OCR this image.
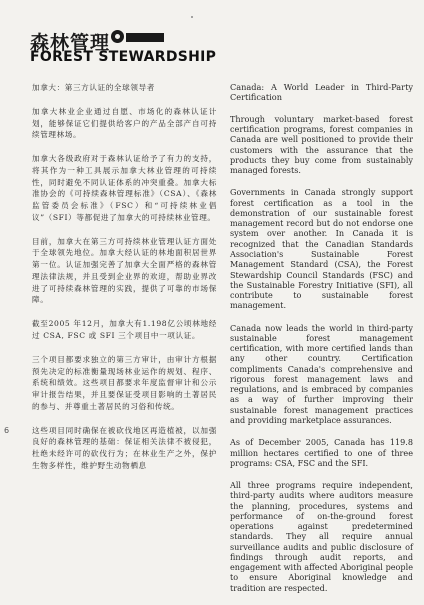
森林管理
FOREST STEWARDSHIP

加拿大：第三方认证的全球领导者

加拿大林业企业通过自愿、市场化的森林认证计划，能够保证它们提供给客户的产品全部产自可持续管理林场。

加拿大各级政府对于森林认证给予了有力的支持，将其作为一种工具展示加拿大林业管理的可持续性，同时避免不同认证体系的冲突重叠。加拿大标准协会的《可持续森林管理标准》（CSA）、《森林监管委员会标准》（FSC）和“可持续林业倡议”（SFI）等都促进了加拿大的可持续林业管理。

目前，加拿大在第三方可持续林业管理认证方面处于全球领先地位。加拿大经认证的林地面积居世界第一位。认证加强完善了加拿大全面严格的森林管理法律法规，并且受到企业界的欢迎，帮助业界改进了可持续森林管理的实践，提供了可靠的市场保障。

截至2005 年12月，加拿大有1.198亿公顷林地经过 CSA, FSC 或 SFI 三个项目中一项认证。

三个项目都要求独立的第三方审计，由审计方根据预先决定的标准衡量现场林业运作的规划、程序、系统和绩效。这些项目都要求年度监督审计和公示审计报告结果，并且要保证受项目影响的土著居民的参与、并尊重土著居民的习俗和传统。

这些项目同时确保在被砍伐地区再造植被，以加强良好的森林管理的基础：保证相关法律不被侵犯，杜绝未经许可的砍伐行为；在林业生产之外，保护生物多样性，维护野生动物栖息

Canada: A World Leader in Third-Party Certification

Through voluntary market-based forest certification programs, forest companies in Canada are well positioned to provide their customers with the assurance that the products they buy come from sustainably managed forests.

Governments in Canada strongly support forest certification as a tool in the demonstration of our sustainable forest management record but do not endorse one system over another. In Canada it is recognized that the Canadian Standards Association's Sustainable Forest Management Standard (CSA), the Forest Stewardship Council Standards (FSC) and the Sustainable Forestry Initiative (SFI), all contribute to sustainable forest management.

Canada now leads the world in third-party sustainable forest management certification, with more certified lands than any other country. Certification compliments Canada's comprehensive and rigorous forest management laws and regulations, and is embraced by companies as a way of further improving their sustainable forest management practices and providing marketplace assurances.

As of December 2005, Canada has 119.8 million hectares certified to one of three programs: CSA, FSC and the SFI.

All three programs require independent, third-party audits where auditors measure the planning, procedures, systems and performance of on-the-ground forest operations against predetermined standards. They all require annual surveillance audits and public disclosure of findings through audit reports, and engagement with affected Aboriginal people to ensure Aboriginal knowledge and tradition are respected.

6
